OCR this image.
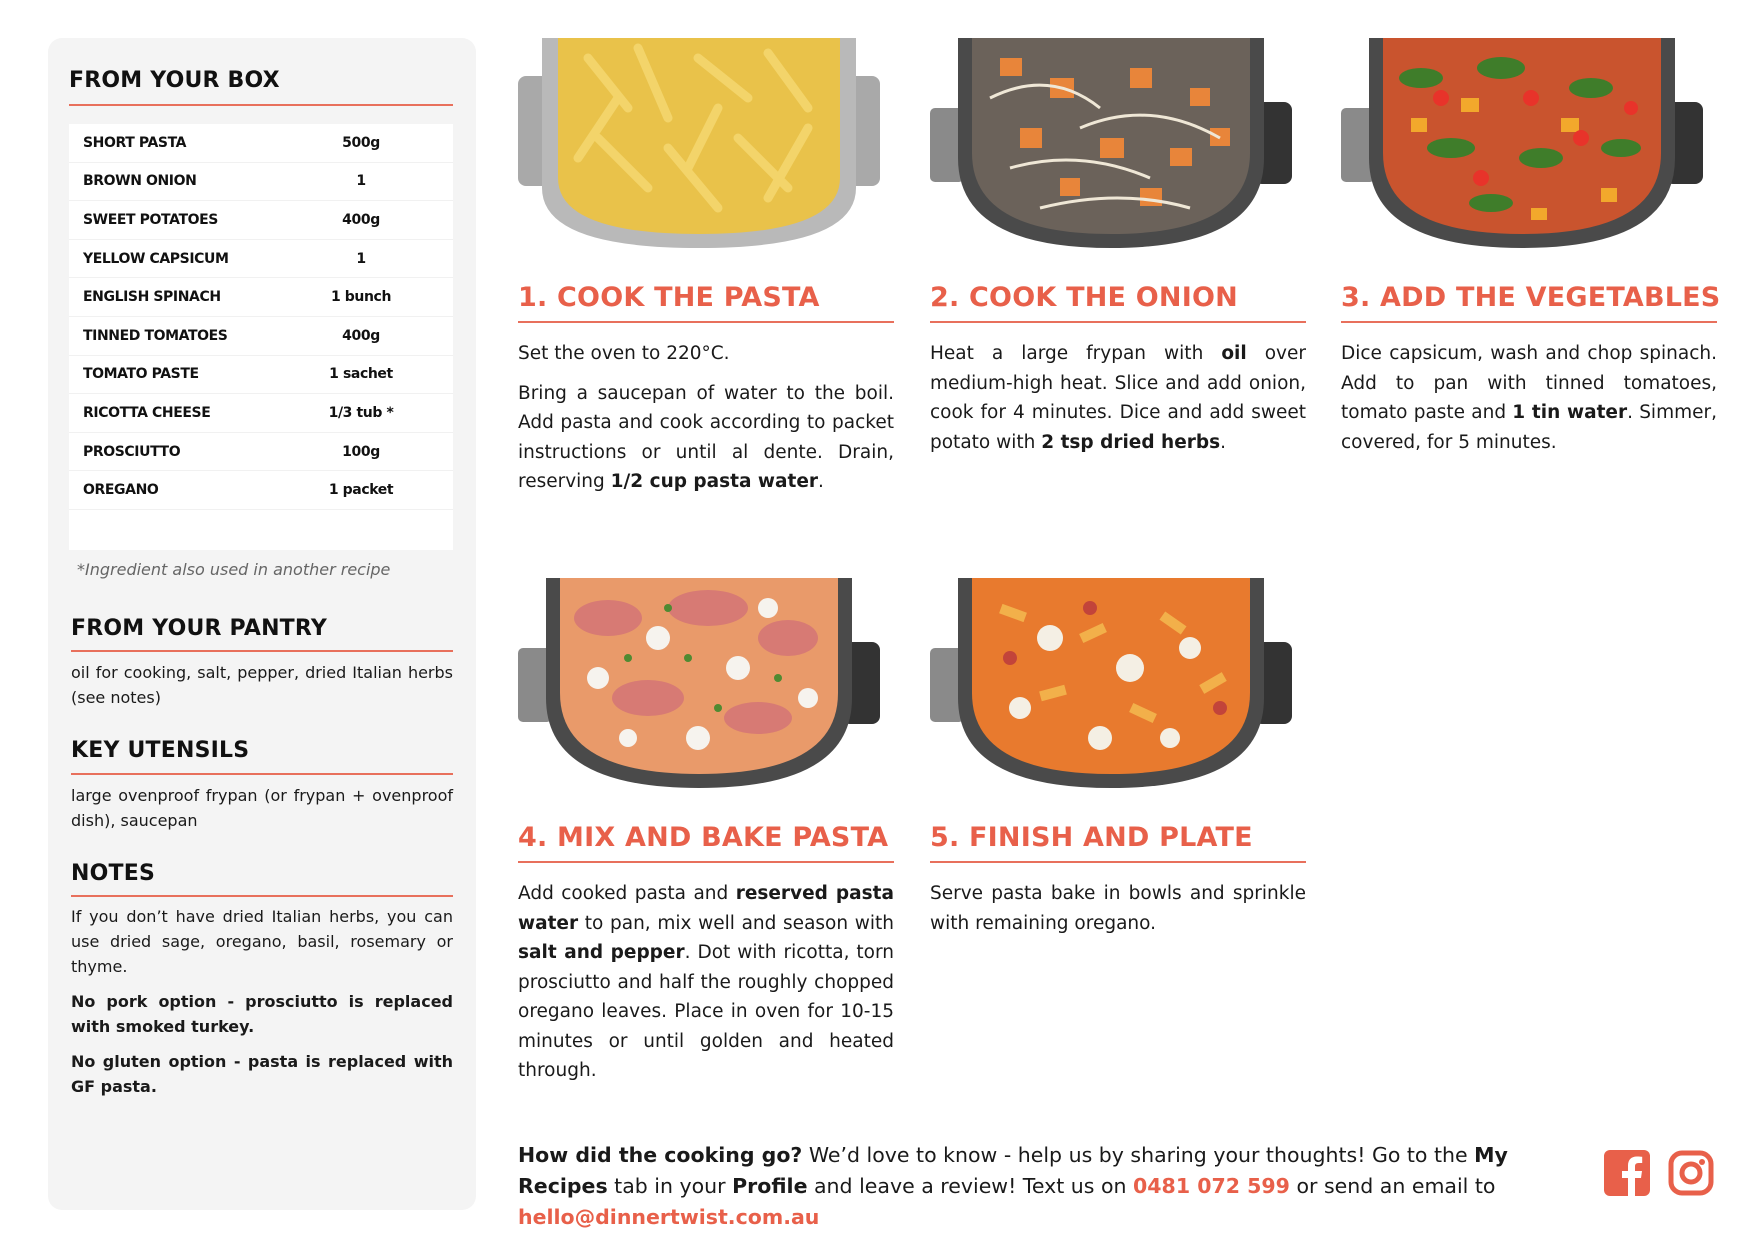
FROM YOUR BOX
SHORT PASTA	500g
BROWN ONION	1
SWEET POTATOES	400g
YELLOW CAPSICUM	1
ENGLISH SPINACH	1 bunch
TINNED TOMATOES	400g
TOMATO PASTE	1 sachet
RICOTTA CHEESE	1/3 tub *
PROSCIUTTO	100g
OREGANO	1 packet
*Ingredient also used in another recipe
FROM YOUR PANTRY
oil for cooking, salt, pepper, dried Italian herbs (see notes)
KEY UTENSILS
large ovenproof frypan (or frypan + ovenproof dish), saucepan
NOTES

If you don’t have dried Italian herbs, you can use dried sage, oregano, basil, rosemary or thyme.

No pork option - prosciutto is replaced with smoked turkey.

No gluten option - pasta is replaced with GF pasta.

1. COOK THE PASTA

Set the oven to 220°C.

Bring a saucepan of water to the boil. Add pasta and cook according to packet instructions or until al dente. Drain, reserving 1/2 cup pasta water.

2. COOK THE ONION

Heat a large frypan with oil over medium-high heat. Slice and add onion, cook for 4 minutes. Dice and add sweet potato with 2 tsp dried herbs.

3. ADD THE VEGETABLES

Dice capsicum, wash and chop spinach. Add to pan with tinned tomatoes, tomato paste and 1 tin water. Simmer, covered, for 5 minutes.

4. MIX AND BAKE PASTA

Add cooked pasta and reserved pasta water to pan, mix well and season with salt and pepper. Dot with ricotta, torn prosciutto and half the roughly chopped oregano leaves. Place in oven for 10-15 minutes or until golden and heated through.

5. FINISH AND PLATE

Serve pasta bake in bowls and sprinkle with remaining oregano.

How did the cooking go? We’d love to know - help us by sharing your thoughts! Go to the My Recipes tab in your Profile and leave a review! Text us on 0481 072 599 or send an email to hello@dinnertwist.com.au
